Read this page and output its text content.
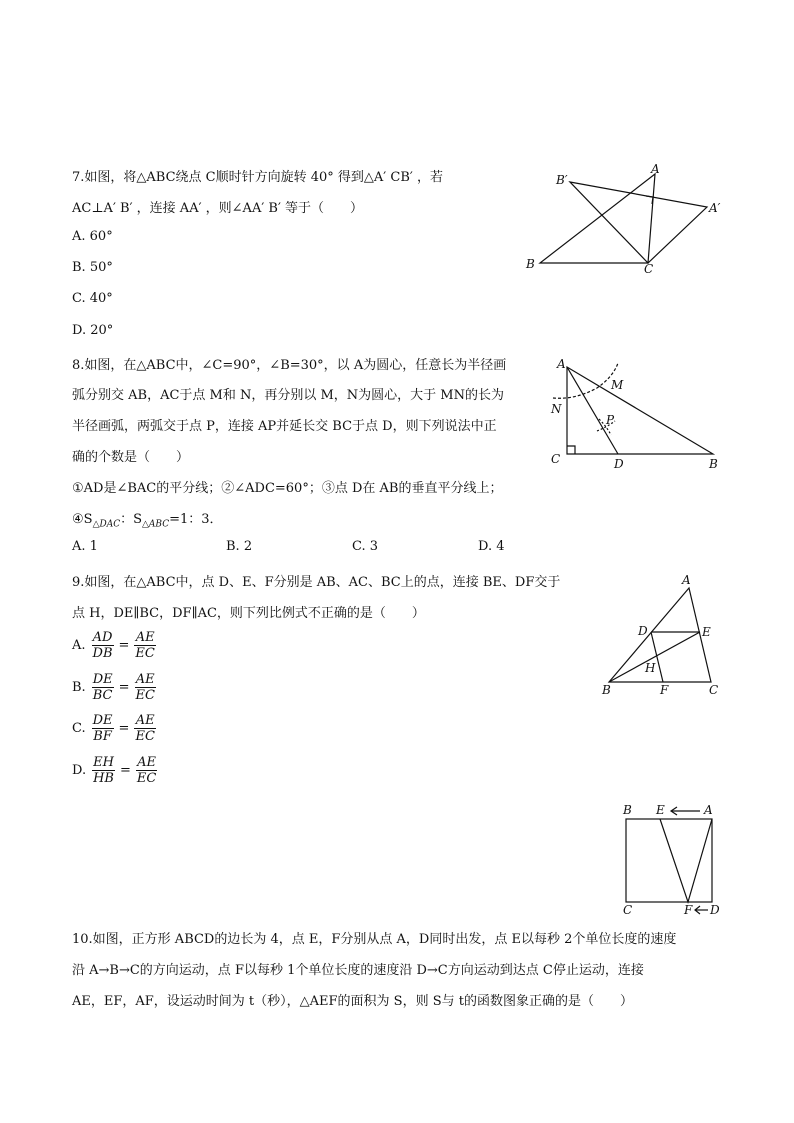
7.如图，将△ABC绕点 C顺时针方向旋转 40° 得到△A′ CB′ ，若
AC⊥A′ B′ ，连接 AA′ ，则∠AA′ B′ 等于（　　）
A. 60°
B. 50°
C. 40°
D. 20°
A
B	C
A′
B′
8.如图，在△ABC中，∠C=90°，∠B=30°，以 A为圆心，任意长为半径画
弧分别交 AB，AC于点 M和 N，再分别以 M，N为圆心，大于 MN的长为
半径画弧，两弧交于点 P，连接 AP并延长交 BC于点 D，则下列说法中正
确的个数是（　　）
①AD是∠BAC的平分线；②∠ADC=60°；③点 D在 AB的垂直平分线上；
$④S_{\triangle DAC}$：$S_{\triangle ABC}=1$：3．
A. 1	B. 2	C. 3	D. 4
A
B
C	D
M
N
P
9.如图，在△ABC中，点 D、E、F分别是 AB、AC、BC上的点，连接 BE、DF交于
点 H，DE∥BC，DF∥AC，则下列比例式不正确的是（　　）
A. $\frac{AD}{DB} = \frac{AE}{EC}$
B. $\frac{DE}{BC} = \frac{AE}{EC}$
C. $\frac{DE}{BF} = \frac{AE}{EC}$
D. $\frac{EH}{HB} = \frac{AE}{EC}$
A
B	C
D	E
F
H
B E	A
C	F D
10.如图，正方形 ABCD的边长为 4，点 E，F分别从点 A，D同时出发，点 E以每秒 2个单位长度的速度
沿 A→B→C的方向运动，点 F以每秒 1个单位长度的速度沿 D→C方向运动到达点 C停止运动，连接
AE，EF，AF，设运动时间为 t（秒），△AEF的面积为 S，则 S与 t的函数图象正确的是（　　）
